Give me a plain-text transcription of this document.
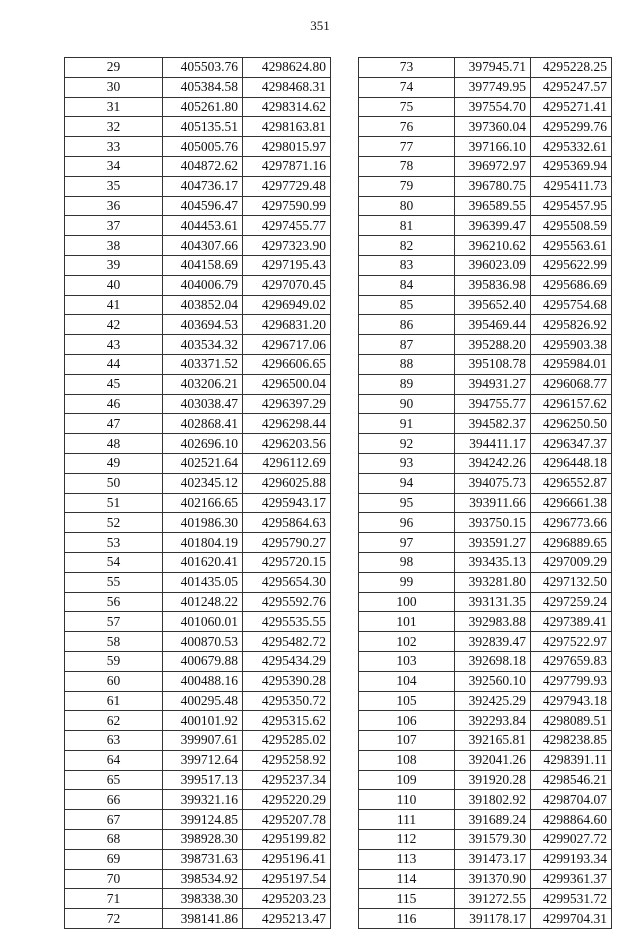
351
29	405503.76	4298624.80
30	405384.58	4298468.31
31	405261.80	4298314.62
32	405135.51	4298163.81
33	405005.76	4298015.97
34	404872.62	4297871.16
35	404736.17	4297729.48
36	404596.47	4297590.99
37	404453.61	4297455.77
38	404307.66	4297323.90
39	404158.69	4297195.43
40	404006.79	4297070.45
41	403852.04	4296949.02
42	403694.53	4296831.20
43	403534.32	4296717.06
44	403371.52	4296606.65
45	403206.21	4296500.04
46	403038.47	4296397.29
47	402868.41	4296298.44
48	402696.10	4296203.56
49	402521.64	4296112.69
50	402345.12	4296025.88
51	402166.65	4295943.17
52	401986.30	4295864.63
53	401804.19	4295790.27
54	401620.41	4295720.15
55	401435.05	4295654.30
56	401248.22	4295592.76
57	401060.01	4295535.55
58	400870.53	4295482.72
59	400679.88	4295434.29
60	400488.16	4295390.28
61	400295.48	4295350.72
62	400101.92	4295315.62
63	399907.61	4295285.02
64	399712.64	4295258.92
65	399517.13	4295237.34
66	399321.16	4295220.29
67	399124.85	4295207.78
68	398928.30	4295199.82
69	398731.63	4295196.41
70	398534.92	4295197.54
71	398338.30	4295203.23
72	398141.86	4295213.47
73	397945.71	4295228.25
74	397749.95	4295247.57
75	397554.70	4295271.41
76	397360.04	4295299.76
77	397166.10	4295332.61
78	396972.97	4295369.94
79	396780.75	4295411.73
80	396589.55	4295457.95
81	396399.47	4295508.59
82	396210.62	4295563.61
83	396023.09	4295622.99
84	395836.98	4295686.69
85	395652.40	4295754.68
86	395469.44	4295826.92
87	395288.20	4295903.38
88	395108.78	4295984.01
89	394931.27	4296068.77
90	394755.77	4296157.62
91	394582.37	4296250.50
92	394411.17	4296347.37
93	394242.26	4296448.18
94	394075.73	4296552.87
95	393911.66	4296661.38
96	393750.15	4296773.66
97	393591.27	4296889.65
98	393435.13	4297009.29
99	393281.80	4297132.50
100	393131.35	4297259.24
101	392983.88	4297389.41
102	392839.47	4297522.97
103	392698.18	4297659.83
104	392560.10	4297799.93
105	392425.29	4297943.18
106	392293.84	4298089.51
107	392165.81	4298238.85
108	392041.26	4298391.11
109	391920.28	4298546.21
110	391802.92	4298704.07
111	391689.24	4298864.60
112	391579.30	4299027.72
113	391473.17	4299193.34
114	391370.90	4299361.37
115	391272.55	4299531.72
116	391178.17	4299704.31
